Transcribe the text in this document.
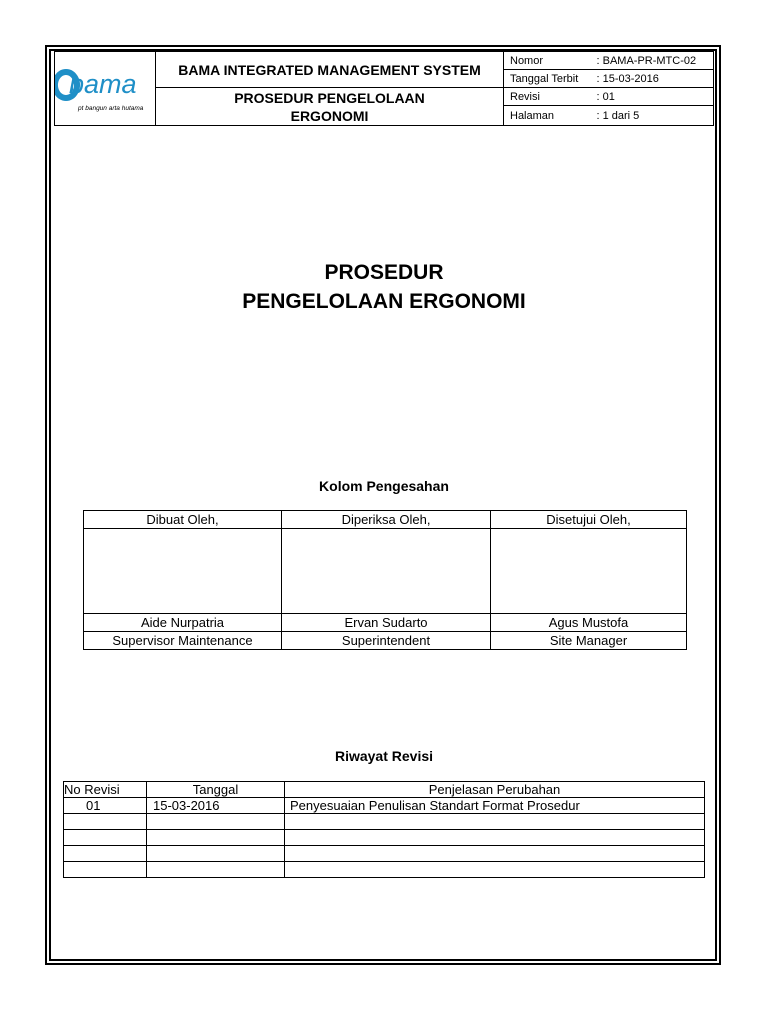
bama
pt bangun arta hutama	BAMA INTEGRATED MANAGEMENT SYSTEM	Nomor	: BAMA-PR-MTC-02
		Tanggal Terbit	: 15-03-2016
	PROSEDUR PENGELOLAAN ERGONOMI	Revisi	: 01
		Halaman	: 1 dari 5
PROSEDUR
PENGELOLAAN ERGONOMI
Kolom Pengesahan
Dibuat Oleh,	Diperiksa Oleh,	Disetujui Oleh,

Aide Nurpatria	Ervan Sudarto	Agus Mustofa
Supervisor Maintenance	Superintendent	Site Manager
Riwayat Revisi
No Revisi	Tanggal	Penjelasan Perubahan
01	15-03-2016	Penyesuaian Penulisan Standart Format Prosedur
